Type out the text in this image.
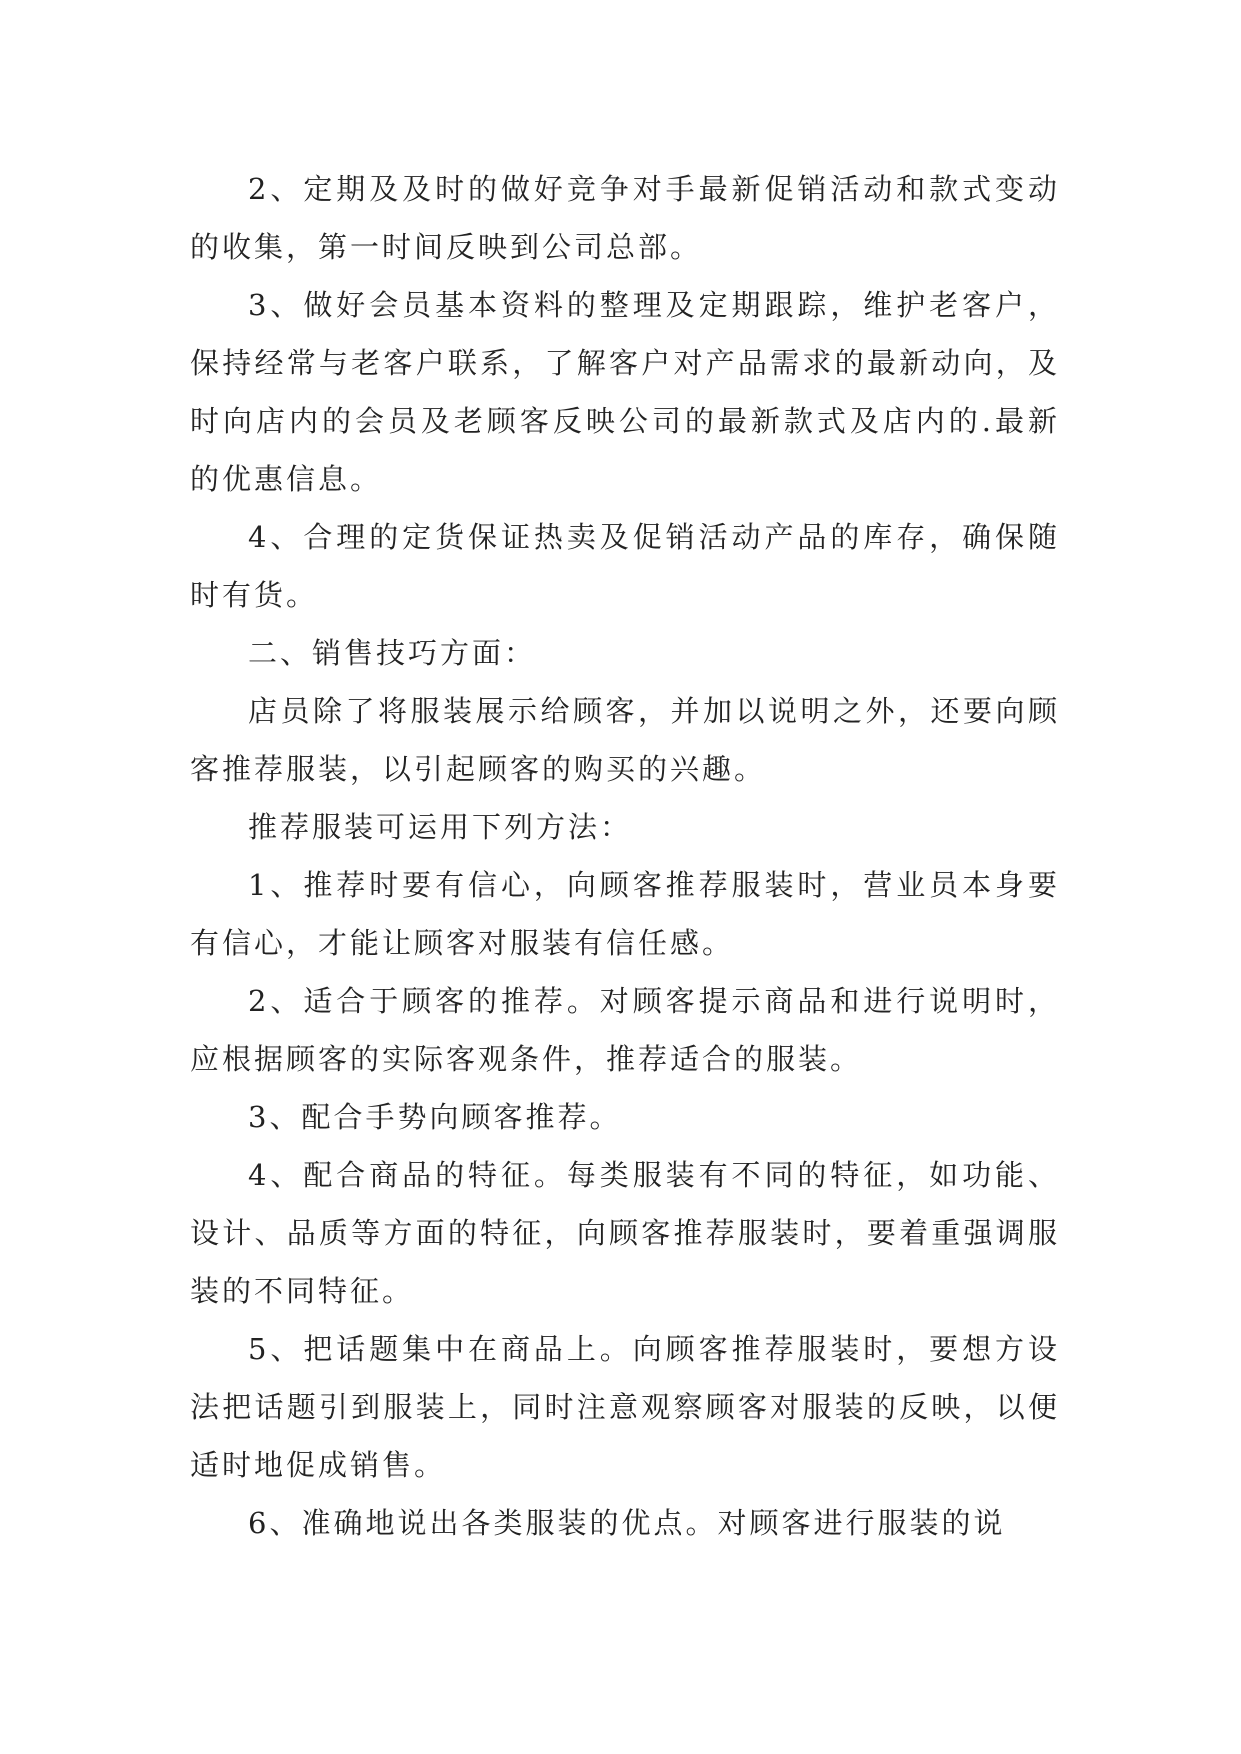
2、定期及及时的做好竞争对手最新促销活动和款式变动的收集，第一时间反映到公司总部。

3、做好会员基本资料的整理及定期跟踪，维护老客户，保持经常与老客户联系，了解客户对产品需求的最新动向，及时向店内的会员及老顾客反映公司的最新款式及店内的.最新的优惠信息。

4、合理的定货保证热卖及促销活动产品的库存，确保随时有货。

二、销售技巧方面：

店员除了将服装展示给顾客，并加以说明之外，还要向顾客推荐服装，以引起顾客的购买的兴趣。

推荐服装可运用下列方法：

1、推荐时要有信心，向顾客推荐服装时，营业员本身要有信心，才能让顾客对服装有信任感。

2、适合于顾客的推荐。对顾客提示商品和进行说明时，应根据顾客的实际客观条件，推荐适合的服装。

3、配合手势向顾客推荐。

4、配合商品的特征。每类服装有不同的特征，如功能、设计、品质等方面的特征，向顾客推荐服装时，要着重强调服装的不同特征。

5、把话题集中在商品上。向顾客推荐服装时，要想方设法把话题引到服装上，同时注意观察顾客对服装的反映，以便适时地促成销售。

6、准确地说出各类服装的优点。对顾客进行服装的说
